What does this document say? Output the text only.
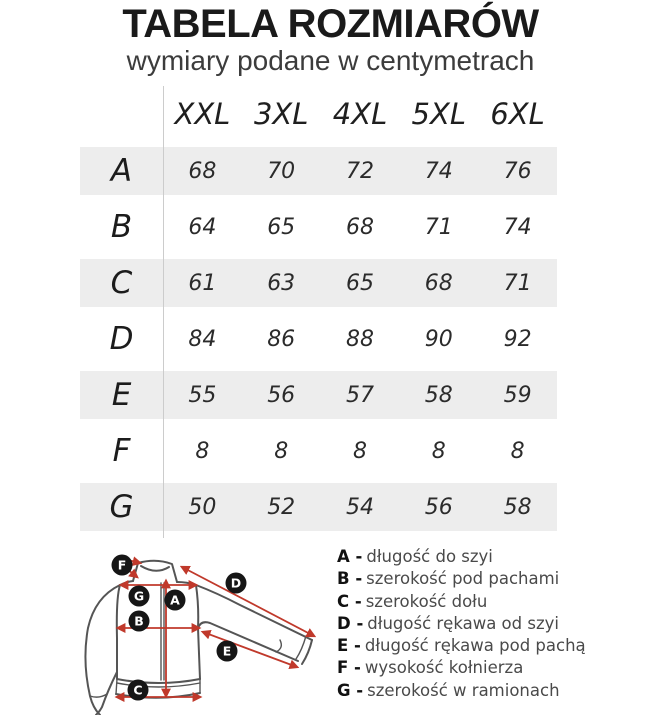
TABELA ROZMIARÓW
wymiary podane w centymetrach
XXL 3XL 4XL 5XL 6XL
A	68	70	72	74	76
B	64	65	68	71	74
C	61	63	65	68	71
D	84	86	88	90	92
E	55	56	57	58	59
F	8	8	8	8	8
G	50	52	54	56	58
F
G A
B
D
E
C
A - długość do szyi
B - szerokość pod pachami
C - szerokość dołu
D - długość rękawa od szyi
E - długość rękawa pod pachą
F - wysokość kołnierza
G - szerokość w ramionach
